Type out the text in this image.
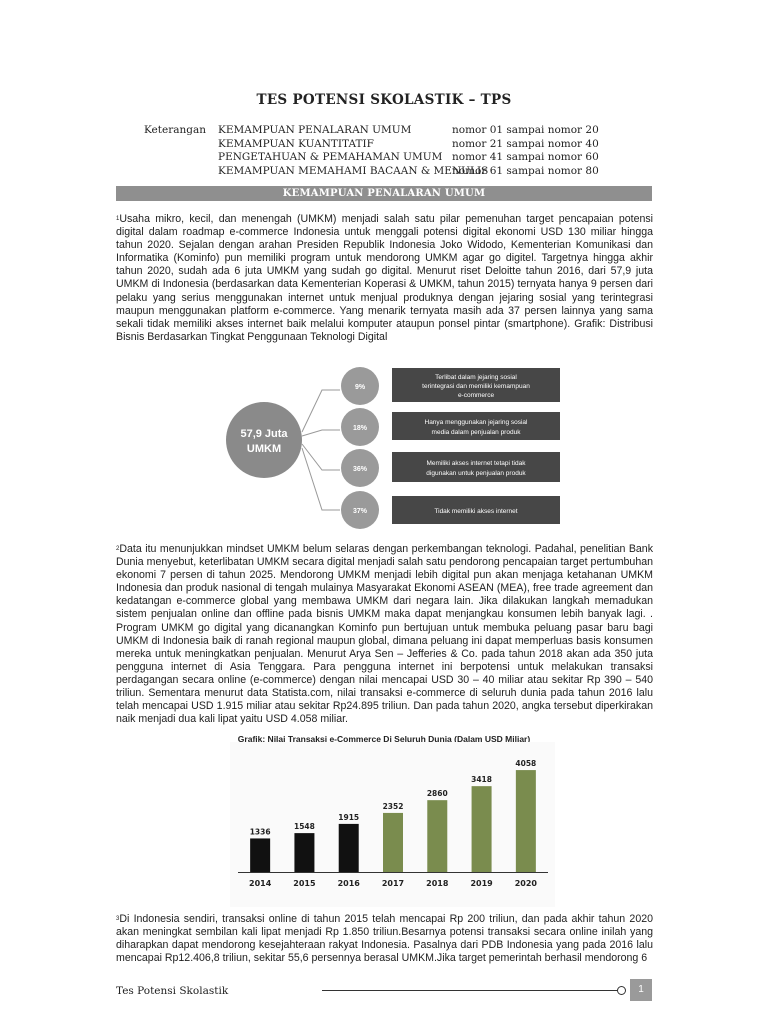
TES POTENSI SKOLASTIK – TPS
Keterangan KEMAMPUAN PENALARAN UMUM
KEMAMPUAN KUANTITATIF
PENGETAHUAN & PEMAHAMAN UMUM
KEMAMPUAN MEMAHAMI BACAAN & MENULIS
nomor 01 sampai nomor 20
nomor 21 sampai nomor 40
nomor 41 sampai nomor 60
nomor 61 sampai nomor 80
KEMAMPUAN PENALARAN UMUM
$^1$Usaha mikro, kecil, dan menengah (UMKM) menjadi salah satu pilar pemenuhan target pencapaian potensi digital dalam roadmap e-commerce Indonesia untuk menggali potensi digital ekonomi USD 130 miliar hingga tahun 2020. Sejalan dengan arahan Presiden Republik Indonesia Joko Widodo, Kementerian Komunikasi dan Informatika (Kominfo) pun memiliki program untuk mendorong UMKM agar go digitel. Targetnya hingga akhir tahun 2020, sudah ada 6 juta UMKM yang sudah go digital. Menurut riset Deloitte tahun 2016, dari 57,9 juta UMKM di Indonesia (berdasarkan data Kementerian Koperasi & UMKM, tahun 2015) ternyata hanya 9 persen dari pelaku yang serius menggunakan internet untuk menjual produknya dengan jejaring sosial yang terintegrasi maupun menggunakan platform e-commerce. Yang menarik ternyata masih ada 37 persen lainnya yang sama sekali tidak memiliki akses internet baik melalui komputer ataupun ponsel pintar (smartphone). Grafik: Distribusi Bisnis Berdasarkan Tingkat Penggunaan Teknologi Digital
57,9 Juta
UMKM
9%
Terlibat dalam jejaring sosial
terintegrasi dan memiliki kemampuan
e-commerce
18%
Hanya menggunakan jejaring sosial
media dalam penjualan produk
36%
Memiliki akses internet tetapi tidak
digunakan untuk penjualan produk
37%	Tidak memiliki akses internet
$^2$Data itu menunjukkan mindset UMKM belum selaras dengan perkembangan teknologi. Padahal, penelitian Bank Dunia menyebut, keterlibatan UMKM secara digital menjadi salah satu pendorong pencapaian target pertumbuhan ekonomi 7 persen di tahun 2025. Mendorong UMKM menjadi lebih digital pun akan menjaga ketahanan UMKM Indonesia dan produk nasional di tengah mulainya Masyarakat Ekonomi ASEAN (MEA), free trade agreement dan kedatangan e-commerce global yang membawa UMKM dari negara lain. Jika dilakukan langkah memadukan sistem penjualan online dan offline pada bisnis UMKM maka dapat menjangkau konsumen lebih banyak lagi. . Program UMKM go digital yang dicanangkan Kominfo pun bertujuan untuk membuka peluang pasar baru bagi UMKM di Indonesia baik di ranah regional maupun global, dimana peluang ini dapat memperluas basis konsumen mereka untuk meningkatkan penjualan. Menurut Arya Sen – Jefferies & Co. pada tahun 2018 akan ada 350 juta pengguna internet di Asia Tenggara. Para pengguna internet ini berpotensi untuk melakukan transaksi perdagangan secara online (e-commerce) dengan nilai mencapai USD 30 – 40 miliar atau sekitar Rp 390 – 540 triliun. Sementara menurut data Statista.com, nilai transaksi e-commerce di seluruh dunia pada tahun 2016 lalu telah mencapai USD 1.915 miliar atau sekitar Rp24.895 triliun. Dan pada tahun 2020, angka tersebut diperkirakan naik menjadi dua kali lipat yaitu USD 4.058 miliar.
Grafik: Nilai Transaksi e-Commerce Di Seluruh Dunia (Dalam USD Miliar)
1336
2014
1548
2015
1915
2016
2352
2017
2860
2018
3418
2019
4058
2020
$^3$Di Indonesia sendiri, transaksi online di tahun 2015 telah mencapai Rp 200 triliun, dan pada akhir tahun 2020 akan meningkat sembilan kali lipat menjadi Rp 1.850 triliun.Besarnya potensi transaksi secara online inilah yang diharapkan dapat mendorong kesejahteraan rakyat Indonesia. Pasalnya dari PDB Indonesia yang pada 2016 lalu mencapai Rp12.406,8 triliun, sekitar 55,6 persennya berasal UMKM.Jika target pemerintah berhasil mendorong 6
Tes Potensi Skolastik	1
